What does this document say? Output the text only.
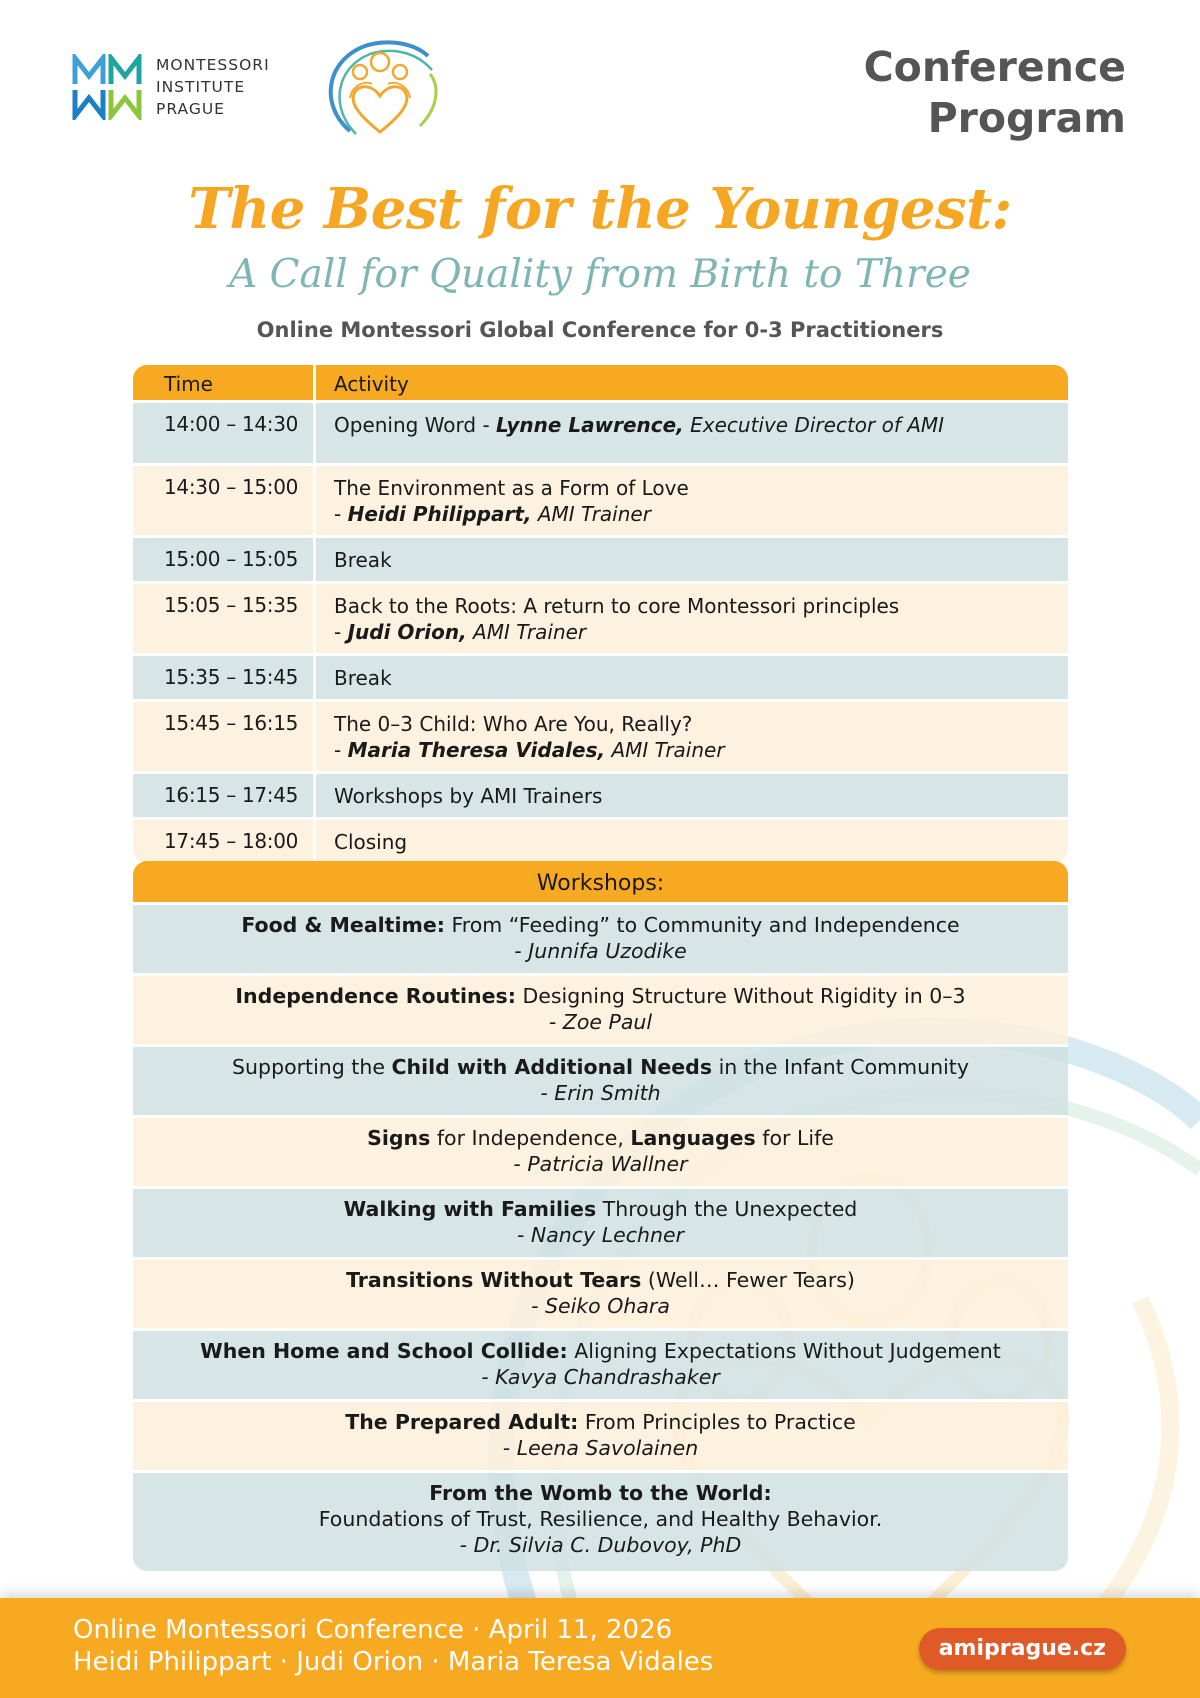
MONTESSORI
INSTITUTE
PRAGUE
Conference
Program
The Best for the Youngest:
A Call for Quality from Birth to Three
Online Montessori Global Conference for 0-3 Practitioners
Time	Activity
14:00 – 14:30	Opening Word - Lynne Lawrence, Executive Director of AMI
14:30 – 15:00	The Environment as a Form of Love
- Heidi Philippart, AMI Trainer
15:00 – 15:05	Break
15:05 – 15:35	Back to the Roots: A return to core Montessori principles
- Judi Orion, AMI Trainer
15:35 – 15:45	Break
15:45 – 16:15	The 0–3 Child: Who Are You, Really?
- Maria Theresa Vidales, AMI Trainer
16:15 – 17:45	Workshops by AMI Trainers
17:45 – 18:00	Closing
Workshops:
Food & Mealtime: From “Feeding” to Community and Independence
- Junnifa Uzodike
Independence Routines: Designing Structure Without Rigidity in 0–3
- Zoe Paul
Supporting the Child with Additional Needs in the Infant Community
- Erin Smith
Signs for Independence, Languages for Life
- Patricia Wallner
Walking with Families Through the Unexpected
- Nancy Lechner
Transitions Without Tears (Well… Fewer Tears)
- Seiko Ohara
When Home and School Collide: Aligning Expectations Without Judgement
- Kavya Chandrashaker
The Prepared Adult: From Principles to Practice
- Leena Savolainen
From the Womb to the World:
Foundations of Trust, Resilience, and Healthy Behavior.
- Dr. Silvia C. Dubovoy, PhD
Online Montessori Conference · April 11, 2026
Heidi Philippart · Judi Orion · Maria Teresa Vidales	amiprague.cz
